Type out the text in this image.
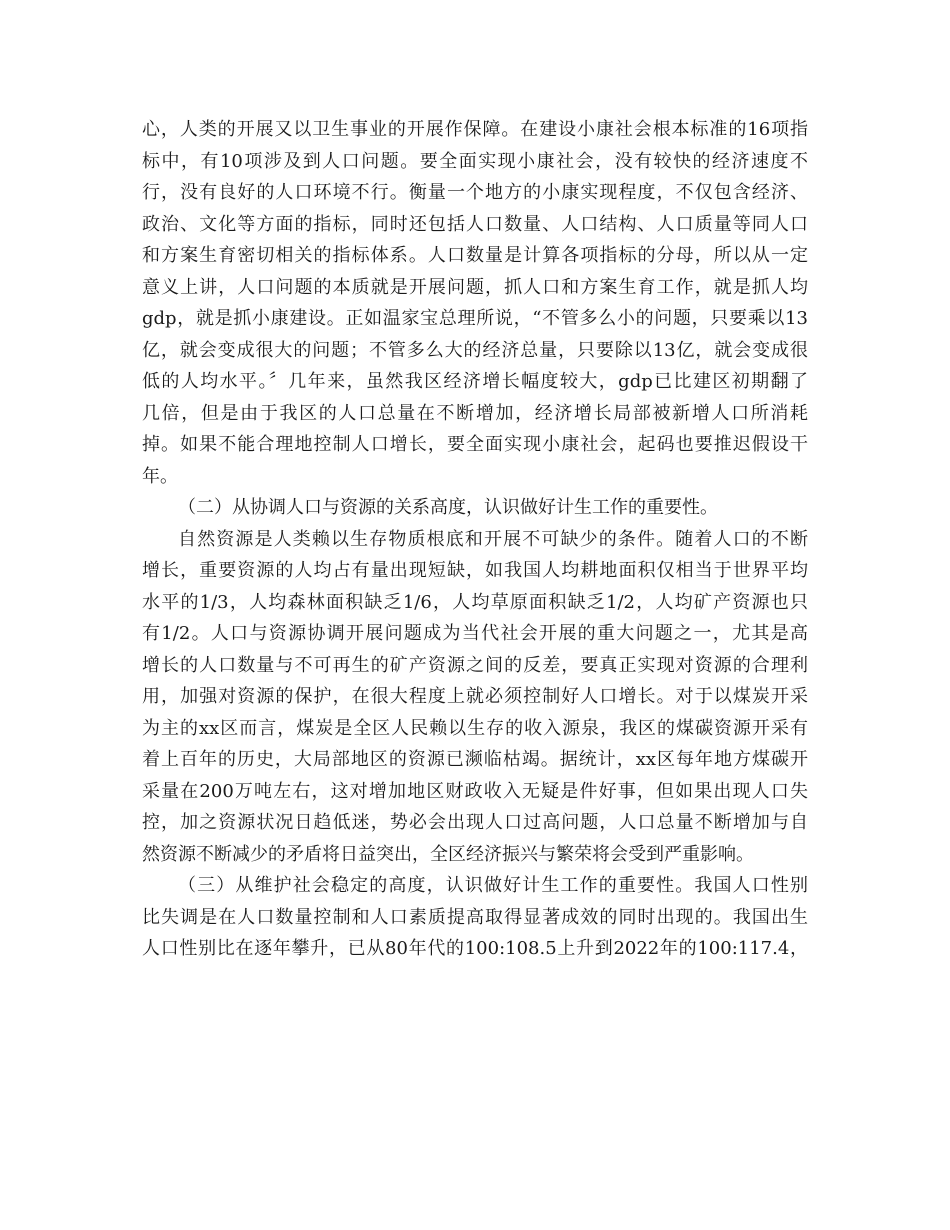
心，人类的开展又以卫生事业的开展作保障。在建设小康社会根本标准的16项指
标中，有10项涉及到人口问题。要全面实现小康社会，没有较快的经济速度不
行，没有良好的人口环境不行。衡量一个地方的小康实现程度，不仅包含经济、
政治、文化等方面的指标，同时还包括人口数量、人口结构、人口质量等同人口
和方案生育密切相关的指标体系。人口数量是计算各项指标的分母，所以从一定
意义上讲，人口问题的本质就是开展问题，抓人口和方案生育工作，就是抓人均
gdp，就是抓小康建设。正如温家宝总理所说，“不管多么小的问题，只要乘以13
亿，就会变成很大的问题；不管多么大的经济总量，只要除以13亿，就会变成很
低的人均水平。〞几年来，虽然我区经济增长幅度较大，gdp已比建区初期翻了
几倍，但是由于我区的人口总量在不断增加，经济增长局部被新增人口所消耗
掉。如果不能合理地控制人口增长，要全面实现小康社会，起码也要推迟假设干
年。
（二）从协调人口与资源的关系高度，认识做好计生工作的重要性。
自然资源是人类赖以生存物质根底和开展不可缺少的条件。随着人口的不断
增长，重要资源的人均占有量出现短缺，如我国人均耕地面积仅相当于世界平均
水平的1/3，人均森林面积缺乏1/6，人均草原面积缺乏1/2，人均矿产资源也只
有1/2。人口与资源协调开展问题成为当代社会开展的重大问题之一，尤其是高
增长的人口数量与不可再生的矿产资源之间的反差，要真正实现对资源的合理利
用，加强对资源的保护，在很大程度上就必须控制好人口增长。对于以煤炭开采
为主的xx区而言，煤炭是全区人民赖以生存的收入源泉，我区的煤碳资源开采有
着上百年的历史，大局部地区的资源已濒临枯竭。据统计，xx区每年地方煤碳开
采量在200万吨左右，这对增加地区财政收入无疑是件好事，但如果出现人口失
控，加之资源状况日趋低迷，势必会出现人口过高问题，人口总量不断增加与自
然资源不断减少的矛盾将日益突出，全区经济振兴与繁荣将会受到严重影响。
（三）从维护社会稳定的高度，认识做好计生工作的重要性。我国人口性别
比失调是在人口数量控制和人口素质提高取得显著成效的同时出现的。我国出生
人口性别比在逐年攀升，已从80年代的100:108.5上升到2022年的100:117.4，
